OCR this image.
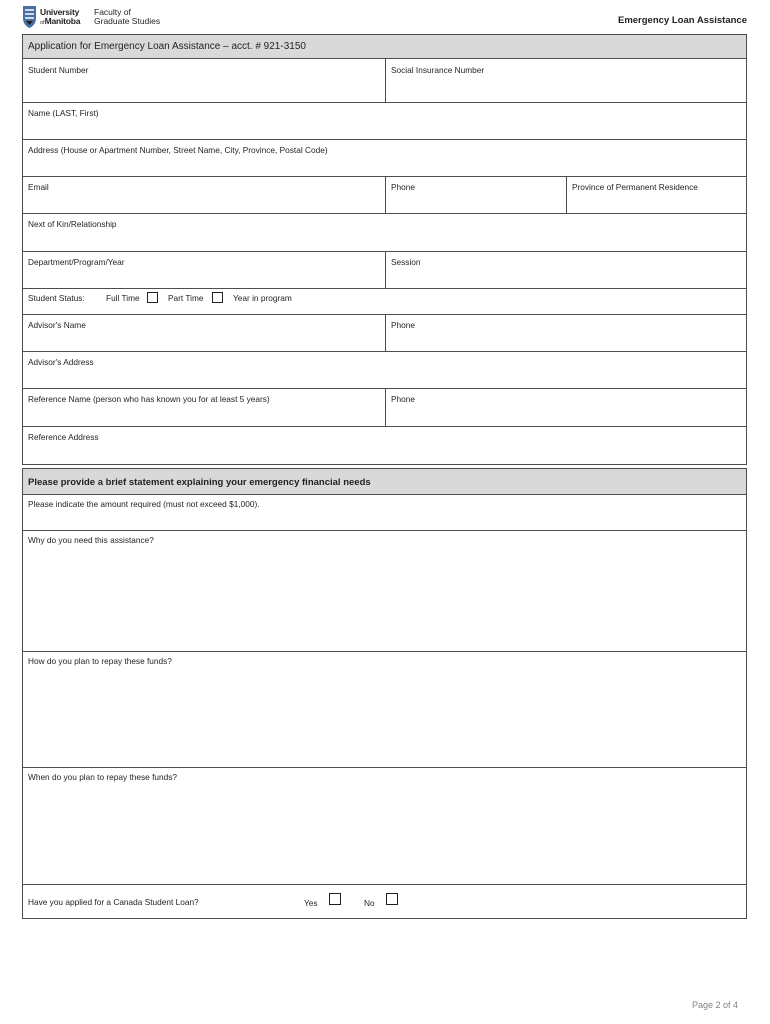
University
ofManitoba
Faculty of
Graduate Studies	Emergency Loan Assistance
Application for Emergency Loan Assistance – acct. # 921-3150
Student Number	Social Insurance Number
Name (LAST, First)
Address (House or Apartment Number, Street Name, City, Province, Postal Code)
Email	Phone	Province of Permanent Residence
Next of Kin/Relationship
Department/Program/Year	Session
Student Status:	Full Time	Part Time	Year in program
Advisor's Name	Phone
Advisor's Address
Reference Name (person who has known you for at least 5 years)	Phone
Reference Address
Please provide a brief statement explaining your emergency financial needs
Please indicate the amount required (must not exceed $1,000).
Why do you need this assistance?
How do you plan to repay these funds?
When do you plan to repay these funds?
Have you applied for a Canada Student Loan?	Yes	No
Page 2 of 4
